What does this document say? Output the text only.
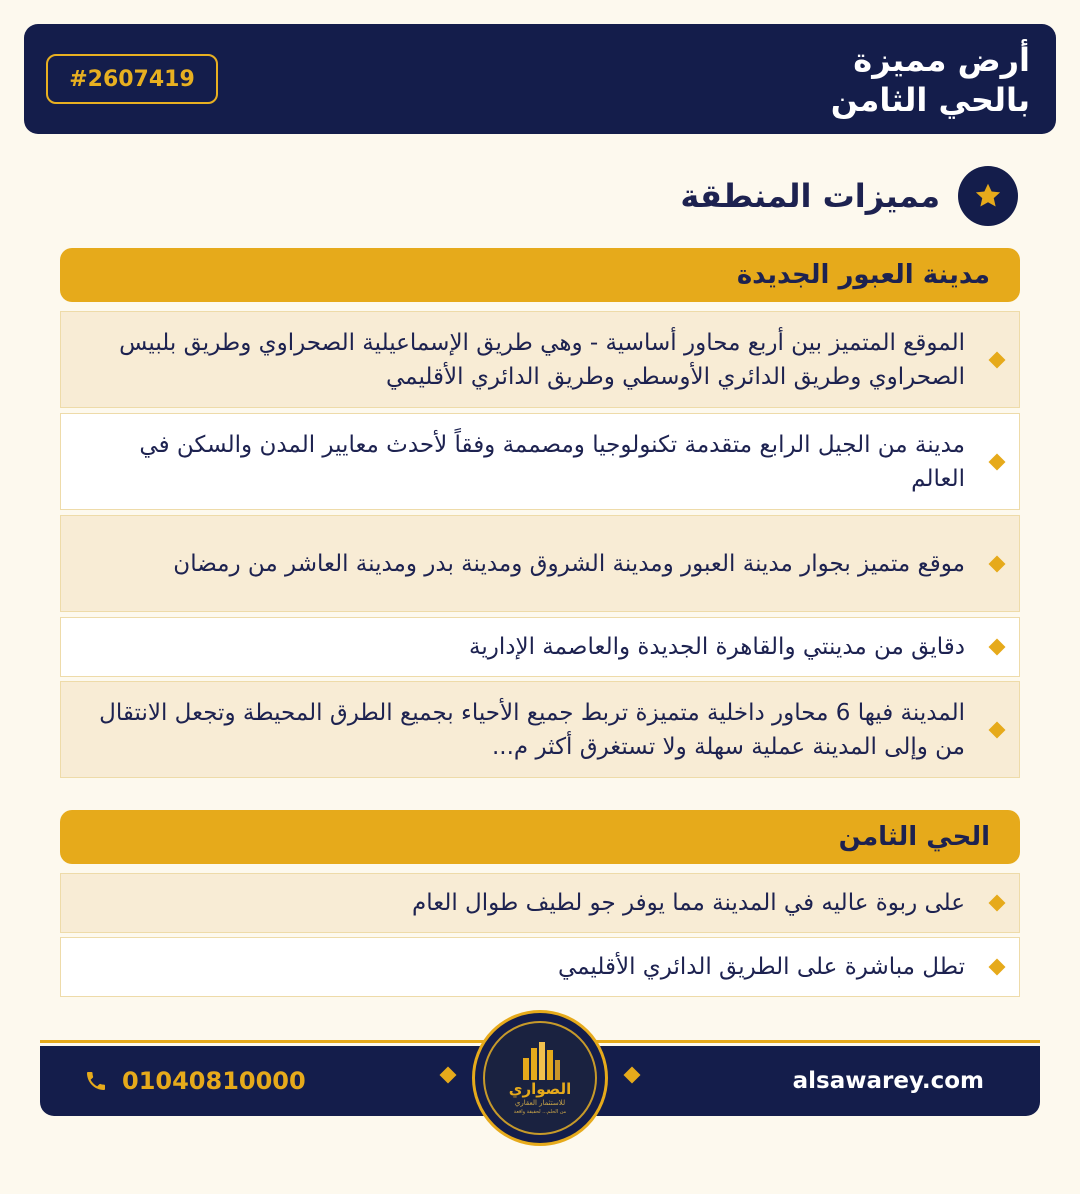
أرض مميزة
بالحي الثامن
#2607419
مميزات المنطقة
مدينة العبور الجديدة
الموقع المتميز بين أربع محاور أساسية - وهي طريق الإسماعيلية الصحراوي وطريق بلبيس الصحراوي وطريق الدائري الأوسطي وطريق الدائري الأقليمي
مدينة من الجيل الرابع متقدمة تكنولوجيا ومصممة وفقاً لأحدث معايير المدن والسكن في العالم
موقع متميز بجوار مدينة العبور ومدينة الشروق ومدينة بدر ومدينة العاشر من رمضان
دقايق من مدينتي والقاهرة الجديدة والعاصمة الإدارية
المدينة فيها 6 محاور داخلية متميزة تربط جميع الأحياء بجميع الطرق المحيطة وتجعل الانتقال من وإلى المدينة عملية سهلة ولا تستغرق أكثر م...
الحي الثامن
على ربوة عاليه في المدينة مما يوفر جو لطيف طوال العام
تطل مباشرة على الطريق الدائري الأقليمي
alsawarey.com
01040810000	الصواري
للاستثمار العقاري
من الحلم... لحقيقة واقعة
